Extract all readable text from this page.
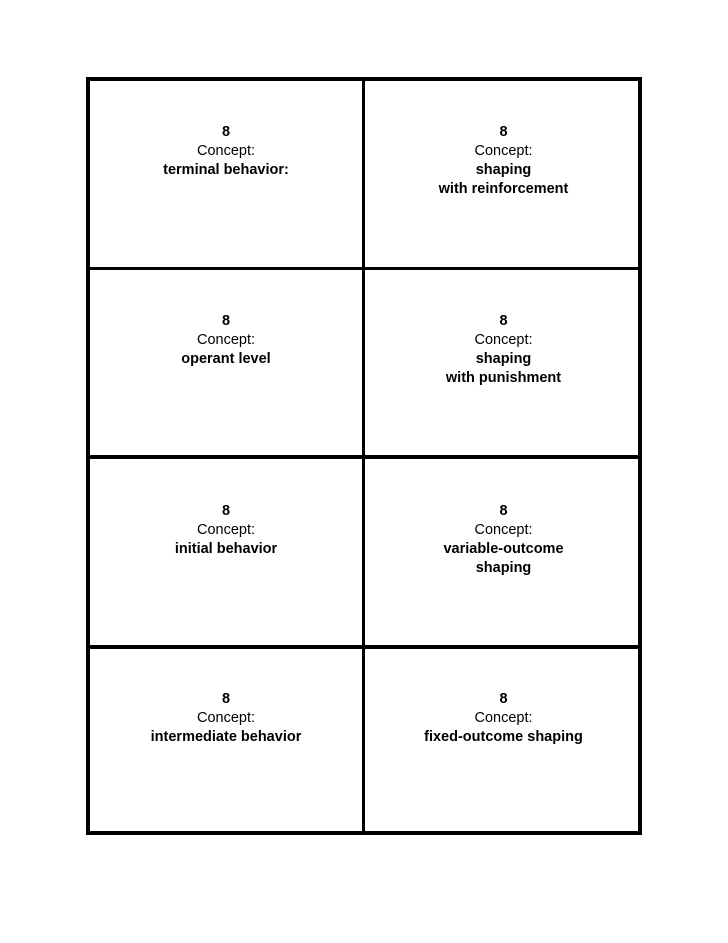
8
Concept:
terminal behavior:
8
Concept:
shaping
with reinforcement
8
Concept:
operant level
8
Concept:
shaping
with punishment
8
Concept:
initial behavior
8
Concept:
variable-outcome
shaping
8
Concept:
intermediate behavior
8
Concept:
fixed-outcome shaping
